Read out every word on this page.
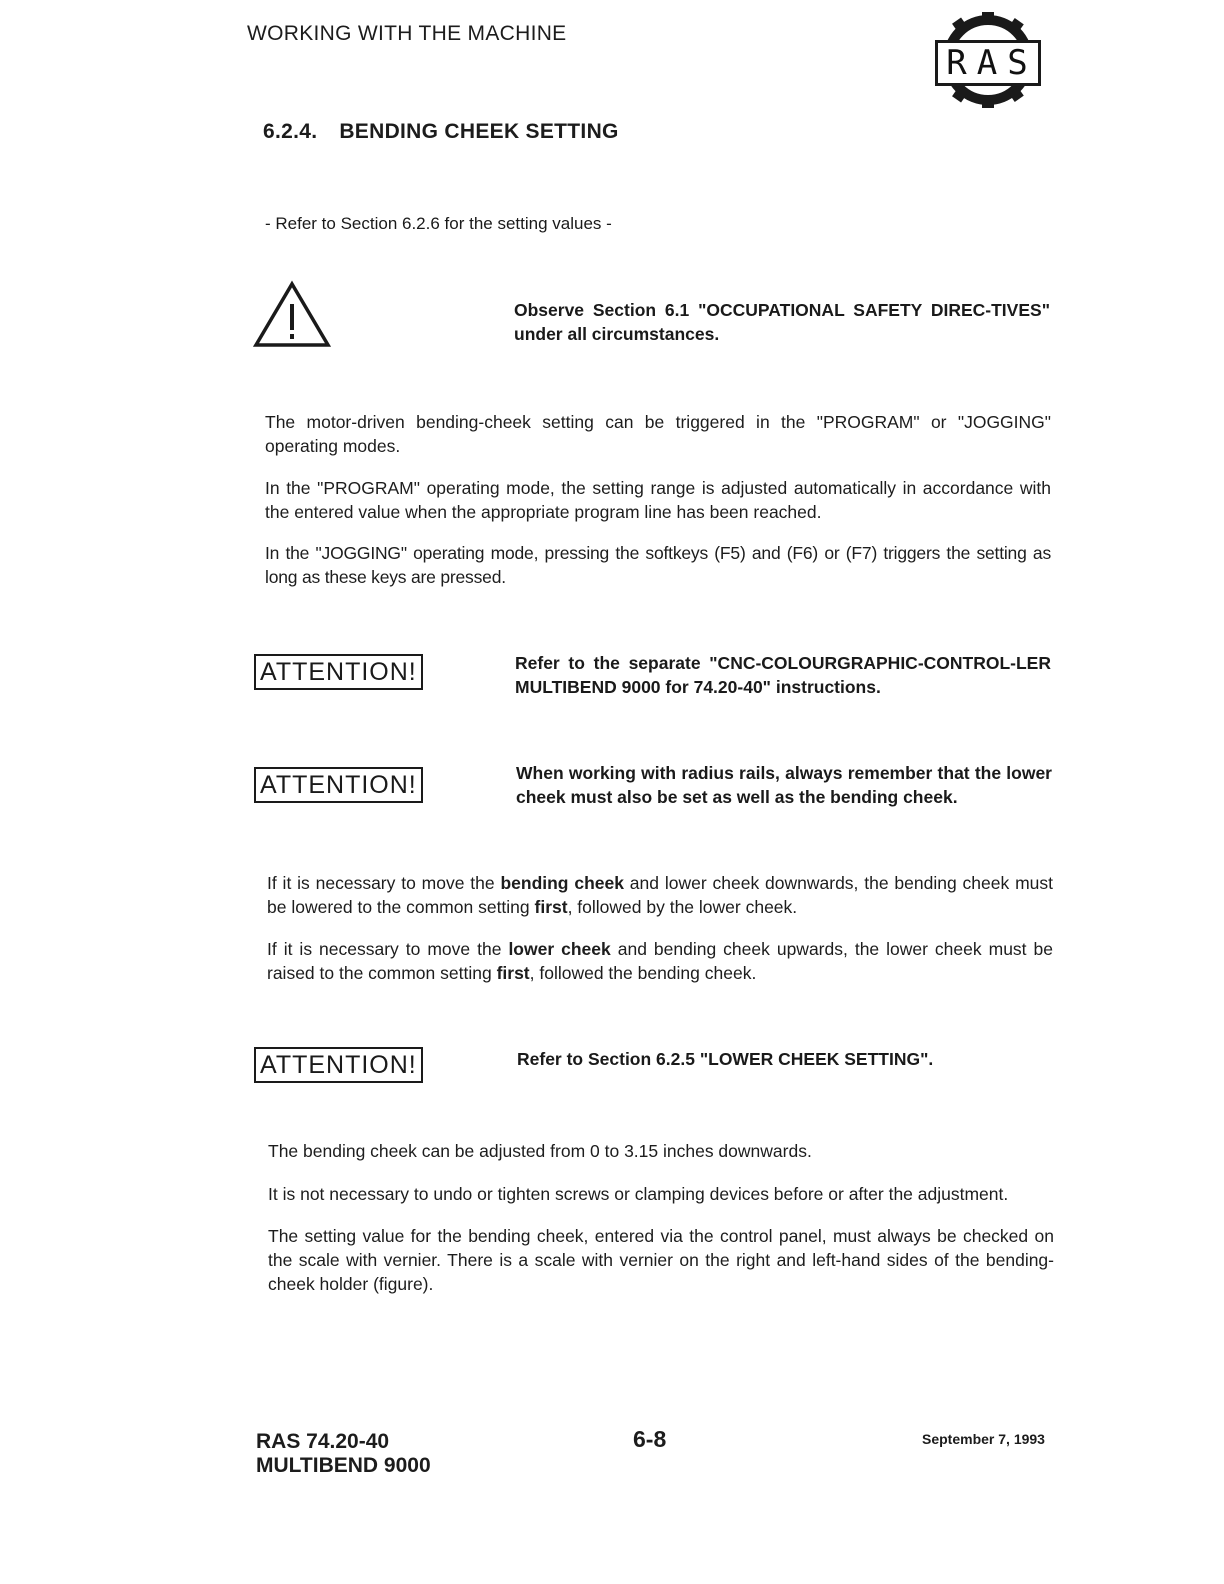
WORKING WITH THE MACHINE
RAS
6.2.4. BENDING CHEEK SETTING
- Refer to Section 6.2.6 for the setting values -
Observe Section 6.1 "OCCUPATIONAL SAFETY DIREC-TIVES" under all circumstances.
The motor-driven bending-cheek setting can be triggered in the "PROGRAM" or "JOGGING" operating modes.
In the "PROGRAM" operating mode, the setting range is adjusted automatically in accordance with the entered value when the appropriate program line has been reached.
In the "JOGGING" operating mode, pressing the softkeys (F5) and (F6) or (F7) triggers the setting as long as these keys are pressed.
ATTENTION!	Refer to the separate "CNC-COLOURGRAPHIC-CONTROL-LER MULTIBEND 9000 for 74.20-40" instructions.
ATTENTION!	When working with radius rails, always remember that the lower cheek must also be set as well as the bending cheek.
If it is necessary to move the bending cheek and lower cheek downwards, the bending cheek must be lowered to the common setting first, followed by the lower cheek.
If it is necessary to move the lower cheek and bending cheek upwards, the lower cheek must be raised to the common setting first, followed the bending cheek.
ATTENTION!	Refer to Section 6.2.5 "LOWER CHEEK SETTING".
The bending cheek can be adjusted from 0 to 3.15 inches downwards.
It is not necessary to undo or tighten screws or clamping devices before or after the adjustment.
The setting value for the bending cheek, entered via the control panel, must always be checked on the scale with vernier. There is a scale with vernier on the right and left-hand sides of the bending-cheek holder (figure).
RAS 74.20-40
MULTIBEND 9000
6-8	September 7, 1993
